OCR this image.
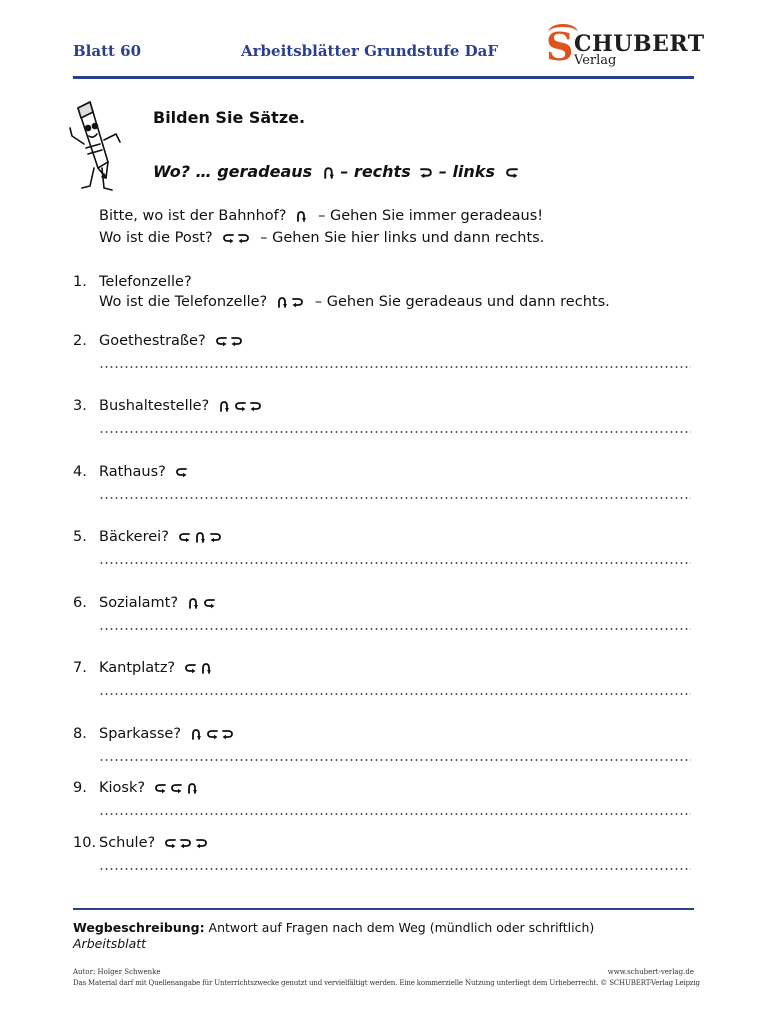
Blatt 60	Arbeitsblätter Grundstufe DaF S CHUBERT
Verlag
Bilden Sie Sätze.
Wo? … geradeaus – rechts – links
Bitte, wo ist der Bahnhof? – Gehen Sie immer geradeaus!
Wo ist die Post?	– Gehen Sie hier links und dann rechts.
1. Telefonzelle?
Wo ist die Telefonzelle?	– Gehen Sie geradeaus und dann rechts.
2. Goethestraße?
3. Bushaltestelle?
4. Rathaus?
5. Bäckerei?
6. Sozialamt?
7. Kantplatz?
8. Sparkasse?
9. Kiosk?
10. Schule?
Wegbeschreibung: Antwort auf Fragen nach dem Weg (mündlich oder schriftlich)
Arbeitsblatt
Autor: Holger Schwenke	www.schubert-verlag.de
Das Material darf mit Quellenangabe für Unterrichtszwecke genutzt und vervielfältigt werden. Eine kommerzielle Nutzung unterliegt dem Urheberrecht. © SCHUBERT-Verlag Leipzig
